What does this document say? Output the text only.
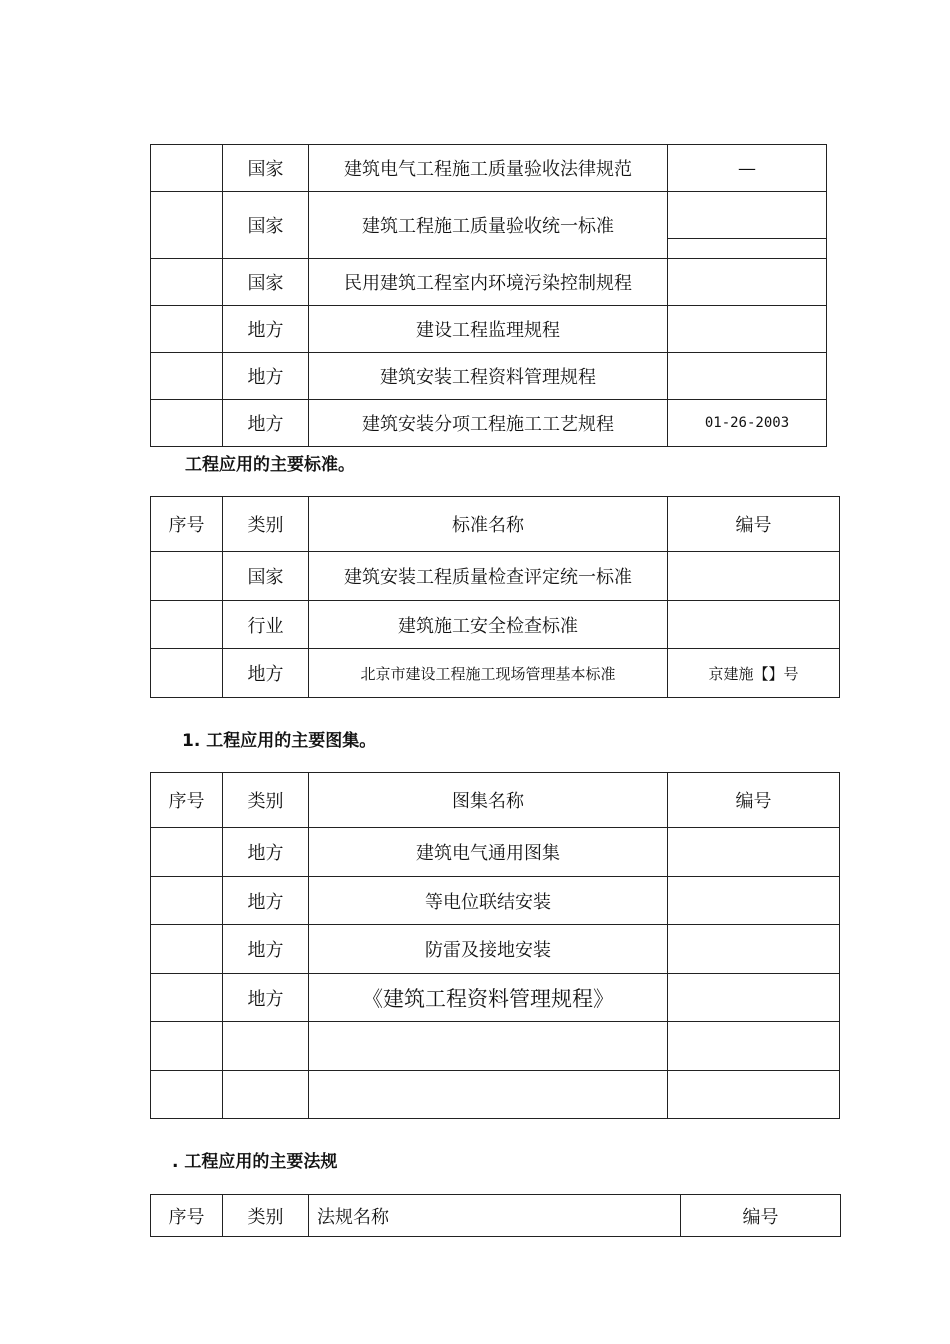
	国家	建筑电气工程施工质量验收法律规范	—
	国家	建筑工程施工质量验收统一标准	

	国家	民用建筑工程室内环境污染控制规程	
	地方	建设工程监理规程	
	地方	建筑安装工程资料管理规程	
	地方	建筑安装分项工程施工工艺规程	01-26-2003
工程应用的主要标准。
序号	类别	标准名称	编号
	国家	建筑安装工程质量检查评定统一标准	
	行业	建筑施工安全检查标准	
	地方	北京市建设工程施工现场管理基本标准	京建施【】号
1. 工程应用的主要图集。
序号	类别	图集名称	编号
	地方	建筑电气通用图集	
	地方	等电位联结安装	
	地方	防雷及接地安装	
	地方	《建筑工程资料管理规程》	

. 工程应用的主要法规
序号	类别	法规名称	编号
